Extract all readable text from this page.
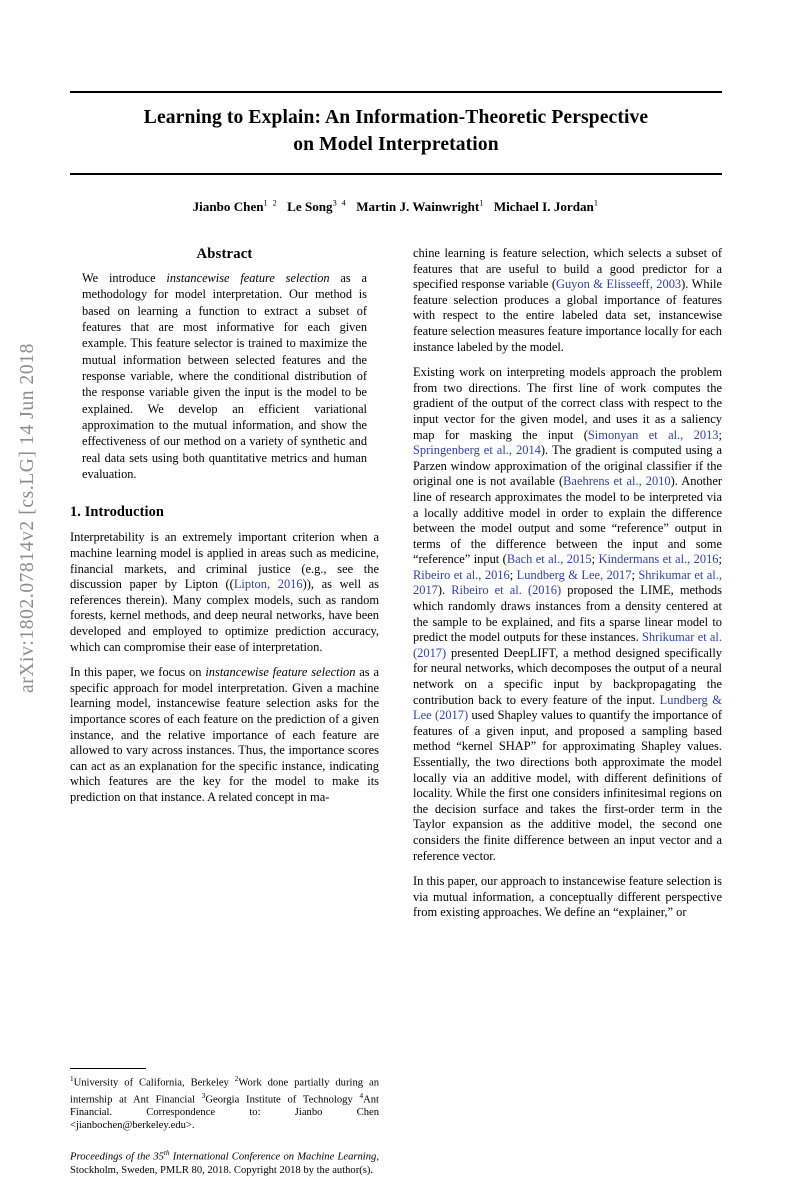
arXiv:1802.07814v2 [cs.LG] 14 Jun 2018
Learning to Explain: An Information-Theoretic Perspective
on Model Interpretation
Jianbo Chen$^{1 2}$ Le Song$^{3 4}$ Martin J. Wainwright$^1$ Michael I. Jordan$^1$
Abstract
We introduce instancewise feature selection as a methodology for model interpretation. Our method is based on learning a function to extract a subset of features that are most informative for each given example. This feature selector is trained to maximize the mutual information between selected features and the response variable, where the conditional distribution of the response variable given the input is the model to be explained. We develop an efficient variational approximation to the mutual information, and show the effectiveness of our method on a variety of synthetic and real data sets using both quantitative metrics and human evaluation.
1. Introduction

Interpretability is an extremely important criterion when a machine learning model is applied in areas such as medicine, financial markets, and criminal justice (e.g., see the discussion paper by Lipton ((Lipton, 2016)), as well as references therein). Many complex models, such as random forests, kernel methods, and deep neural networks, have been developed and employed to optimize prediction accuracy, which can compromise their ease of interpretation.

In this paper, we focus on instancewise feature selection as a specific approach for model interpretation. Given a machine learning model, instancewise feature selection asks for the importance scores of each feature on the prediction of a given instance, and the relative importance of each feature are allowed to vary across instances. Thus, the importance scores can act as an explanation for the specific instance, indicating which features are the key for the model to make its prediction on that instance. A related concept in ma-

$^1$University of California, Berkeley $^2$Work done partially during an internship at Ant Financial $^3$Georgia Institute of Technology $^4$Ant Financial. Correspondence to: Jianbo Chen <jianbochen@berkeley.edu>.

Proceedings of the 35th International Conference on Machine Learning, Stockholm, Sweden, PMLR 80, 2018. Copyright 2018 by the author(s).

chine learning is feature selection, which selects a subset of features that are useful to build a good predictor for a specified response variable (Guyon & Elisseeff, 2003). While feature selection produces a global importance of features with respect to the entire labeled data set, instancewise feature selection measures feature importance locally for each instance labeled by the model.

Existing work on interpreting models approach the problem from two directions. The first line of work computes the gradient of the output of the correct class with respect to the input vector for the given model, and uses it as a saliency map for masking the input (Simonyan et al., 2013; Springenberg et al., 2014). The gradient is computed using a Parzen window approximation of the original classifier if the original one is not available (Baehrens et al., 2010). Another line of research approximates the model to be interpreted via a locally additive model in order to explain the difference between the model output and some “reference” output in terms of the difference between the input and some “reference” input (Bach et al., 2015; Kindermans et al., 2016; Ribeiro et al., 2016; Lundberg & Lee, 2017; Shrikumar et al., 2017). Ribeiro et al. (2016) proposed the LIME, methods which randomly draws instances from a density centered at the sample to be explained, and fits a sparse linear model to predict the model outputs for these instances. Shrikumar et al. (2017) presented DeepLIFT, a method designed specifically for neural networks, which decomposes the output of a neural network on a specific input by backpropagating the contribution back to every feature of the input. Lundberg & Lee (2017) used Shapley values to quantify the importance of features of a given input, and proposed a sampling based method “kernel SHAP” for approximating Shapley values. Essentially, the two directions both approximate the model locally via an additive model, with different definitions of locality. While the first one considers infinitesimal regions on the decision surface and takes the first-order term in the Taylor expansion as the additive model, the second one considers the finite difference between an input vector and a reference vector.

In this paper, our approach to instancewise feature selection is via mutual information, a conceptually different perspective from existing approaches. We define an “explainer,” or
